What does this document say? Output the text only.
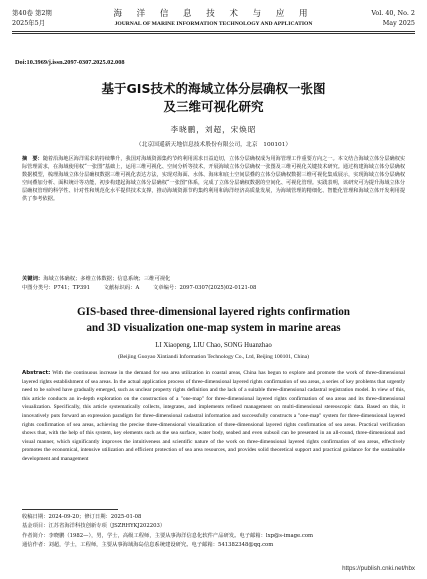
第40卷 第2期
2025年5月
海 洋 信 息 技 术 与 应 用
JOURNAL OF MARINE INFORMATION TECHNOLOGY AND APPLICATION
Vol. 40, No. 2
May 2025
Doi:10.3969/j.issn.2097-0307.2025.02.008
基于GIS技术的海域立体分层确权一张图
及三维可视化研究
李晓鹏，刘超，宋焕昭
（北京国遥新天地信息技术股份有限公司，北京　100101）
摘　要：随着沿海地区海洋需求的持续攀升，我国对海域资源集约节约利用需求日益迫切，立体分层确权成为用海管理工作重要方向之一。本文结合海域立体分层确权实际管理需求，在海域使用权“一张图”基础上，运用三维可视化、空间分析等技术，开展海域立体分层确权一张图及三维可视化关键技术研究。通过构建海域立体分层确权数据模型，梳理海域立体分层确权数据三维可视化表达方法，实现对海面、水体、海床和底土空间层叠的立体分层确权数据三维可视化集成展示，实现海域立体分层确权空间叠加分析、面积统计等功能，初步构建起海域立体分层确权“一张图”体系，完成了立体分层确权数据的空间化、可视化管理。实践表明，该研究可为提升海域立体分层确权管理的科学性、针对性和规范化水平提供技术支撑，推动海域资源节约集约利用和海洋经济高质量发展，为海域管理的精细化、智能化管理和海域立体开发利用提供了参考依据。
关键词：海域立体确权；多维立体数据；信息系统；三维可视化
中图分类号：P741；TP391	文献标识码：A	文章编号：2097-0307(2025)02-0121-08
GIS-based three-dimensional layered rights confirmation
and 3D visualization one-map system in marine areas
LI Xiaopeng, LIU Chao, SONG Huanzhao
(Beijing Guoyao Xintiandi Information Technology Co., Ltd, Beijing 100101, China)
Abstract: With the continuous increase in the demand for sea area utilization in coastal areas, China has begun to explore and promote the work of three-dimensional layered rights establishment of sea areas. In the actual application process of three-dimensional layered rights confirmation of sea areas, a series of key problems that urgently need to be solved have gradually emerged, such as unclear property rights definition and the lack of a suitable three-dimensional cadastral registration model. In view of this, this article conducts an in-depth exploration on the construction of a "one-map" for three-dimensional layered rights confirmation of sea areas and its three-dimensional visualization. Specifically, this article systematically collects, integrates, and implements refined management on multi-dimensional stereoscopic data. Based on this, it innovatively puts forward an expression paradigm for three-dimensional cadastral information and successfully constructs a "one-map" system for three-dimensional layered rights confirmation of sea areas, achieving the precise three-dimensional visualization of three-dimensional layered rights confirmation of sea areas. Practical verification shows that, with the help of this system, key elements such as the sea surface, water body, seabed and even subsoil can be presented in an all-round, three-dimensional and visual manner, which significantly improves the intuitiveness and scientific nature of the work on three-dimensional layered rights confirmation of sea areas, effectively promotes the economical, intensive utilization and efficient protection of sea area resources, and provides solid theoretical support and practical guidance for the sustainable development and management
收稿日期：2024-09-20；修订日期：2025-01-08
基金项目：江苏省海洋科技创新专项（JSZRHYKJ202203）
作者简介：李晓鹏（1982—），男，学士，高级工程师，主要从事海洋信息化软件产品研发。电子邮箱：lxp@s-image.com
通信作者：刘超，学士，工程师，主要从事海域海岛信息系统建设研究。电子邮箱：541382348@qq.com
https://publish.cnki.net/hbx
